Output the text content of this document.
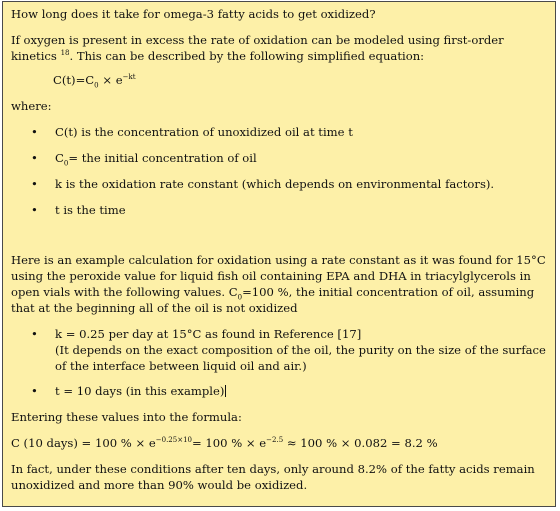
How long does it take for omega-3 fatty acids to get oxidized?

If oxygen is present in excess the rate of oxidation can be modeled using first-order kinetics $^{18}$. This can be described by the following simplified equation:

$C(t)=C_0 \times e^{-kt}$

where:

• C(t) is the concentration of unoxidized oil at time t
• $C_0=$ the initial concentration of oil
• k is the oxidation rate constant (which depends on environmental factors).
• t is the time

Here is an example calculation for oxidation using a rate constant as it was found for 15°C using the peroxide value for liquid fish oil containing EPA and DHA in triacylglycerols in open vials with the following values. $C_0=100$ %, the initial concentration of oil, assuming that at the beginning all of the oil is not oxidized

• k = 0.25 per day at 15°C as found in Reference [17]
(It depends on the exact composition of the oil, the purity on the size of the surface of the interface between liquid oil and air.)
• t = 10 days (in this example)

Entering these values into the formula:

C (10 days) = 100 % × $e^{-0.25\times 10}= 100$ % × $e^{-2.5} \approx 100$ % × 0.082 = 8.2 %

In fact, under these conditions after ten days, only around 8.2% of the fatty acids remain unoxidized and more than 90% would be oxidized.
